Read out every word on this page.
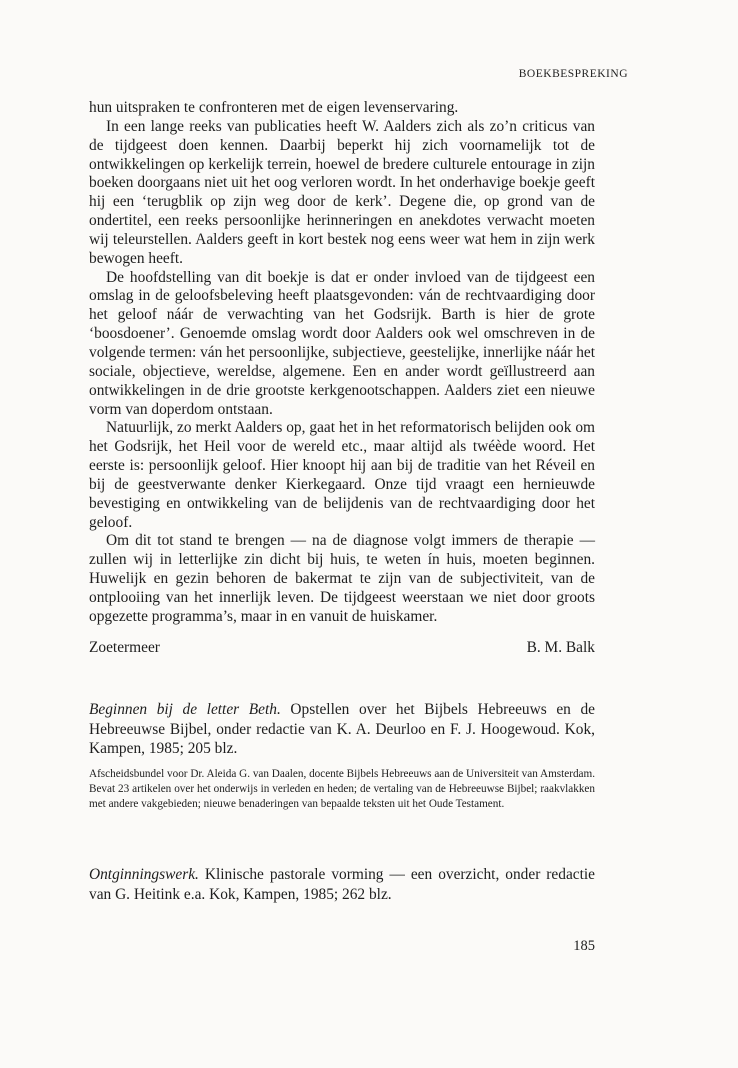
BOEKBESPREKING

hun uitspraken te confronteren met de eigen levenservaring.

In een lange reeks van publicaties heeft W. Aalders zich als zo’n criticus van de tijdgeest doen kennen. Daarbij beperkt hij zich voornamelijk tot de ontwikkelingen op kerkelijk terrein, hoewel de bredere culturele entourage in zijn boeken doorgaans niet uit het oog verloren wordt. In het onderhavige boekje geeft hij een ‘terugblik op zijn weg door de kerk’. Degene die, op grond van de ondertitel, een reeks persoonlijke herinneringen en anekdotes verwacht moeten wij teleurstellen. Aalders geeft in kort bestek nog eens weer wat hem in zijn werk bewogen heeft.

De hoofdstelling van dit boekje is dat er onder invloed van de tijdgeest een omslag in de geloofsbeleving heeft plaatsgevonden: ván de rechtvaardiging door het geloof náár de verwachting van het Godsrijk. Barth is hier de grote ‘boosdoener’. Genoemde omslag wordt door Aalders ook wel omschreven in de volgende termen: ván het persoonlijke, subjectieve, geestelijke, innerlijke náár het sociale, objectieve, wereldse, algemene. Een en ander wordt geïllustreerd aan ontwikkelingen in de drie grootste kerkgenootschappen. Aalders ziet een nieuwe vorm van doperdom ontstaan.

Natuurlijk, zo merkt Aalders op, gaat het in het reformatorisch belijden ook om het Godsrijk, het Heil voor de wereld etc., maar altijd als twéède woord. Het eerste is: persoonlijk geloof. Hier knoopt hij aan bij de traditie van het Réveil en bij de geestverwante denker Kierkegaard. Onze tijd vraagt een hernieuwde bevestiging en ontwikkeling van de belijdenis van de rechtvaardiging door het geloof.

Om dit tot stand te brengen — na de diagnose volgt immers de therapie — zullen wij in letterlijke zin dicht bij huis, te weten ín huis, moeten beginnen. Huwelijk en gezin behoren de bakermat te zijn van de subjectiviteit, van de ontplooiing van het innerlijk leven. De tijdgeest weerstaan we niet door groots opgezette programma’s, maar in en vanuit de huiskamer.

Zoetermeer	B. M. Balk
Beginnen bij de letter Beth. Opstellen over het Bijbels Hebreeuws en de Hebreeuwse Bijbel, onder redactie van K. A. Deurloo en F. J. Hoogewoud. Kok, Kampen, 1985; 205 blz.
Afscheidsbundel voor Dr. Aleida G. van Daalen, docente Bijbels Hebreeuws aan de Universiteit van Amsterdam. Bevat 23 artikelen over het onderwijs in verleden en heden; de vertaling van de Hebreeuwse Bijbel; raakvlakken met andere vakgebieden; nieuwe benaderingen van bepaalde teksten uit het Oude Testament.
Ontginningswerk. Klinische pastorale vorming — een overzicht, onder redactie van G. Heitink e.a. Kok, Kampen, 1985; 262 blz.
185
